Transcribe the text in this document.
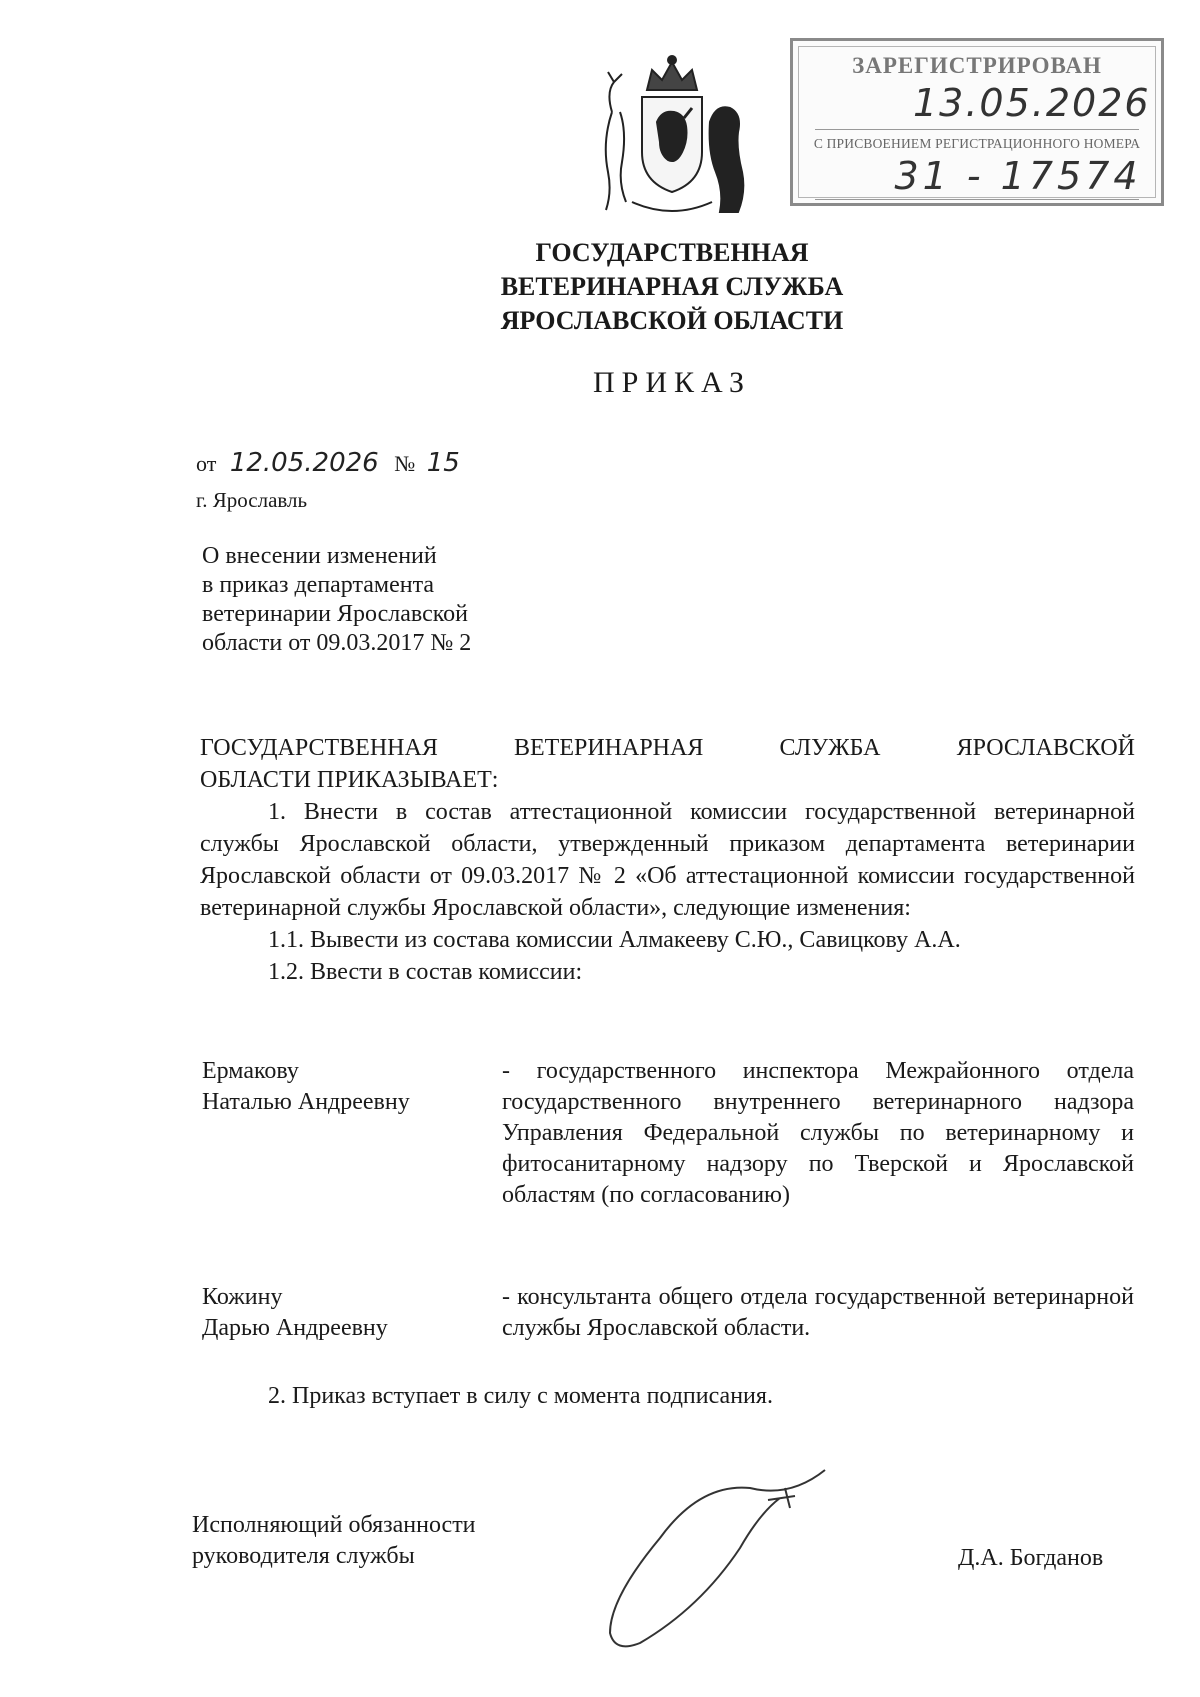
ЗАРЕГИСТРИРОВАН
13.05.2026
С ПРИСВОЕНИЕМ РЕГИСТРАЦИОННОГО НОМЕРА
31 - 17574
ГОСУДАРСТВЕННАЯ
ВЕТЕРИНАРНАЯ СЛУЖБА
ЯРОСЛАВСКОЙ ОБЛАСТИ
ПРИКАЗ
от 12.05.2026 № 15
г. Ярославль
О внесении изменений
в приказ департамента
ветеринарии Ярославской
области от 09.03.2017 № 2

ГОСУДАРСТВЕННАЯ ВЕТЕРИНАРНАЯ СЛУЖБА ЯРОСЛАВСКОЙ

ОБЛАСТИ ПРИКАЗЫВАЕТ:

1. Внести в состав аттестационной комиссии государственной ветеринарной службы Ярославской области, утвержденный приказом департамента ветеринарии Ярославской области от 09.03.2017 № 2 «Об аттестационной комиссии государственной ветеринарной службы Ярославской области», следующие изменения:

1.1. Вывести из состава комиссии Алмакееву С.Ю., Савицкову А.А.

1.2. Ввести в состав комиссии:

Ермакову
Наталью Андреевну
- государственного инспектора Межрайонного отдела государственного внутреннего ветеринарного надзора Управления Федеральной службы по ветеринарному и фитосанитарному надзору по Тверской и Ярославской областям (по согласованию)
Кожину
Дарью Андреевну
- консультанта общего отдела государственной ветеринарной службы Ярославской области.
2. Приказ вступает в силу с момента подписания.
Исполняющий обязанности
руководителя службы	Д.А. Богданов
